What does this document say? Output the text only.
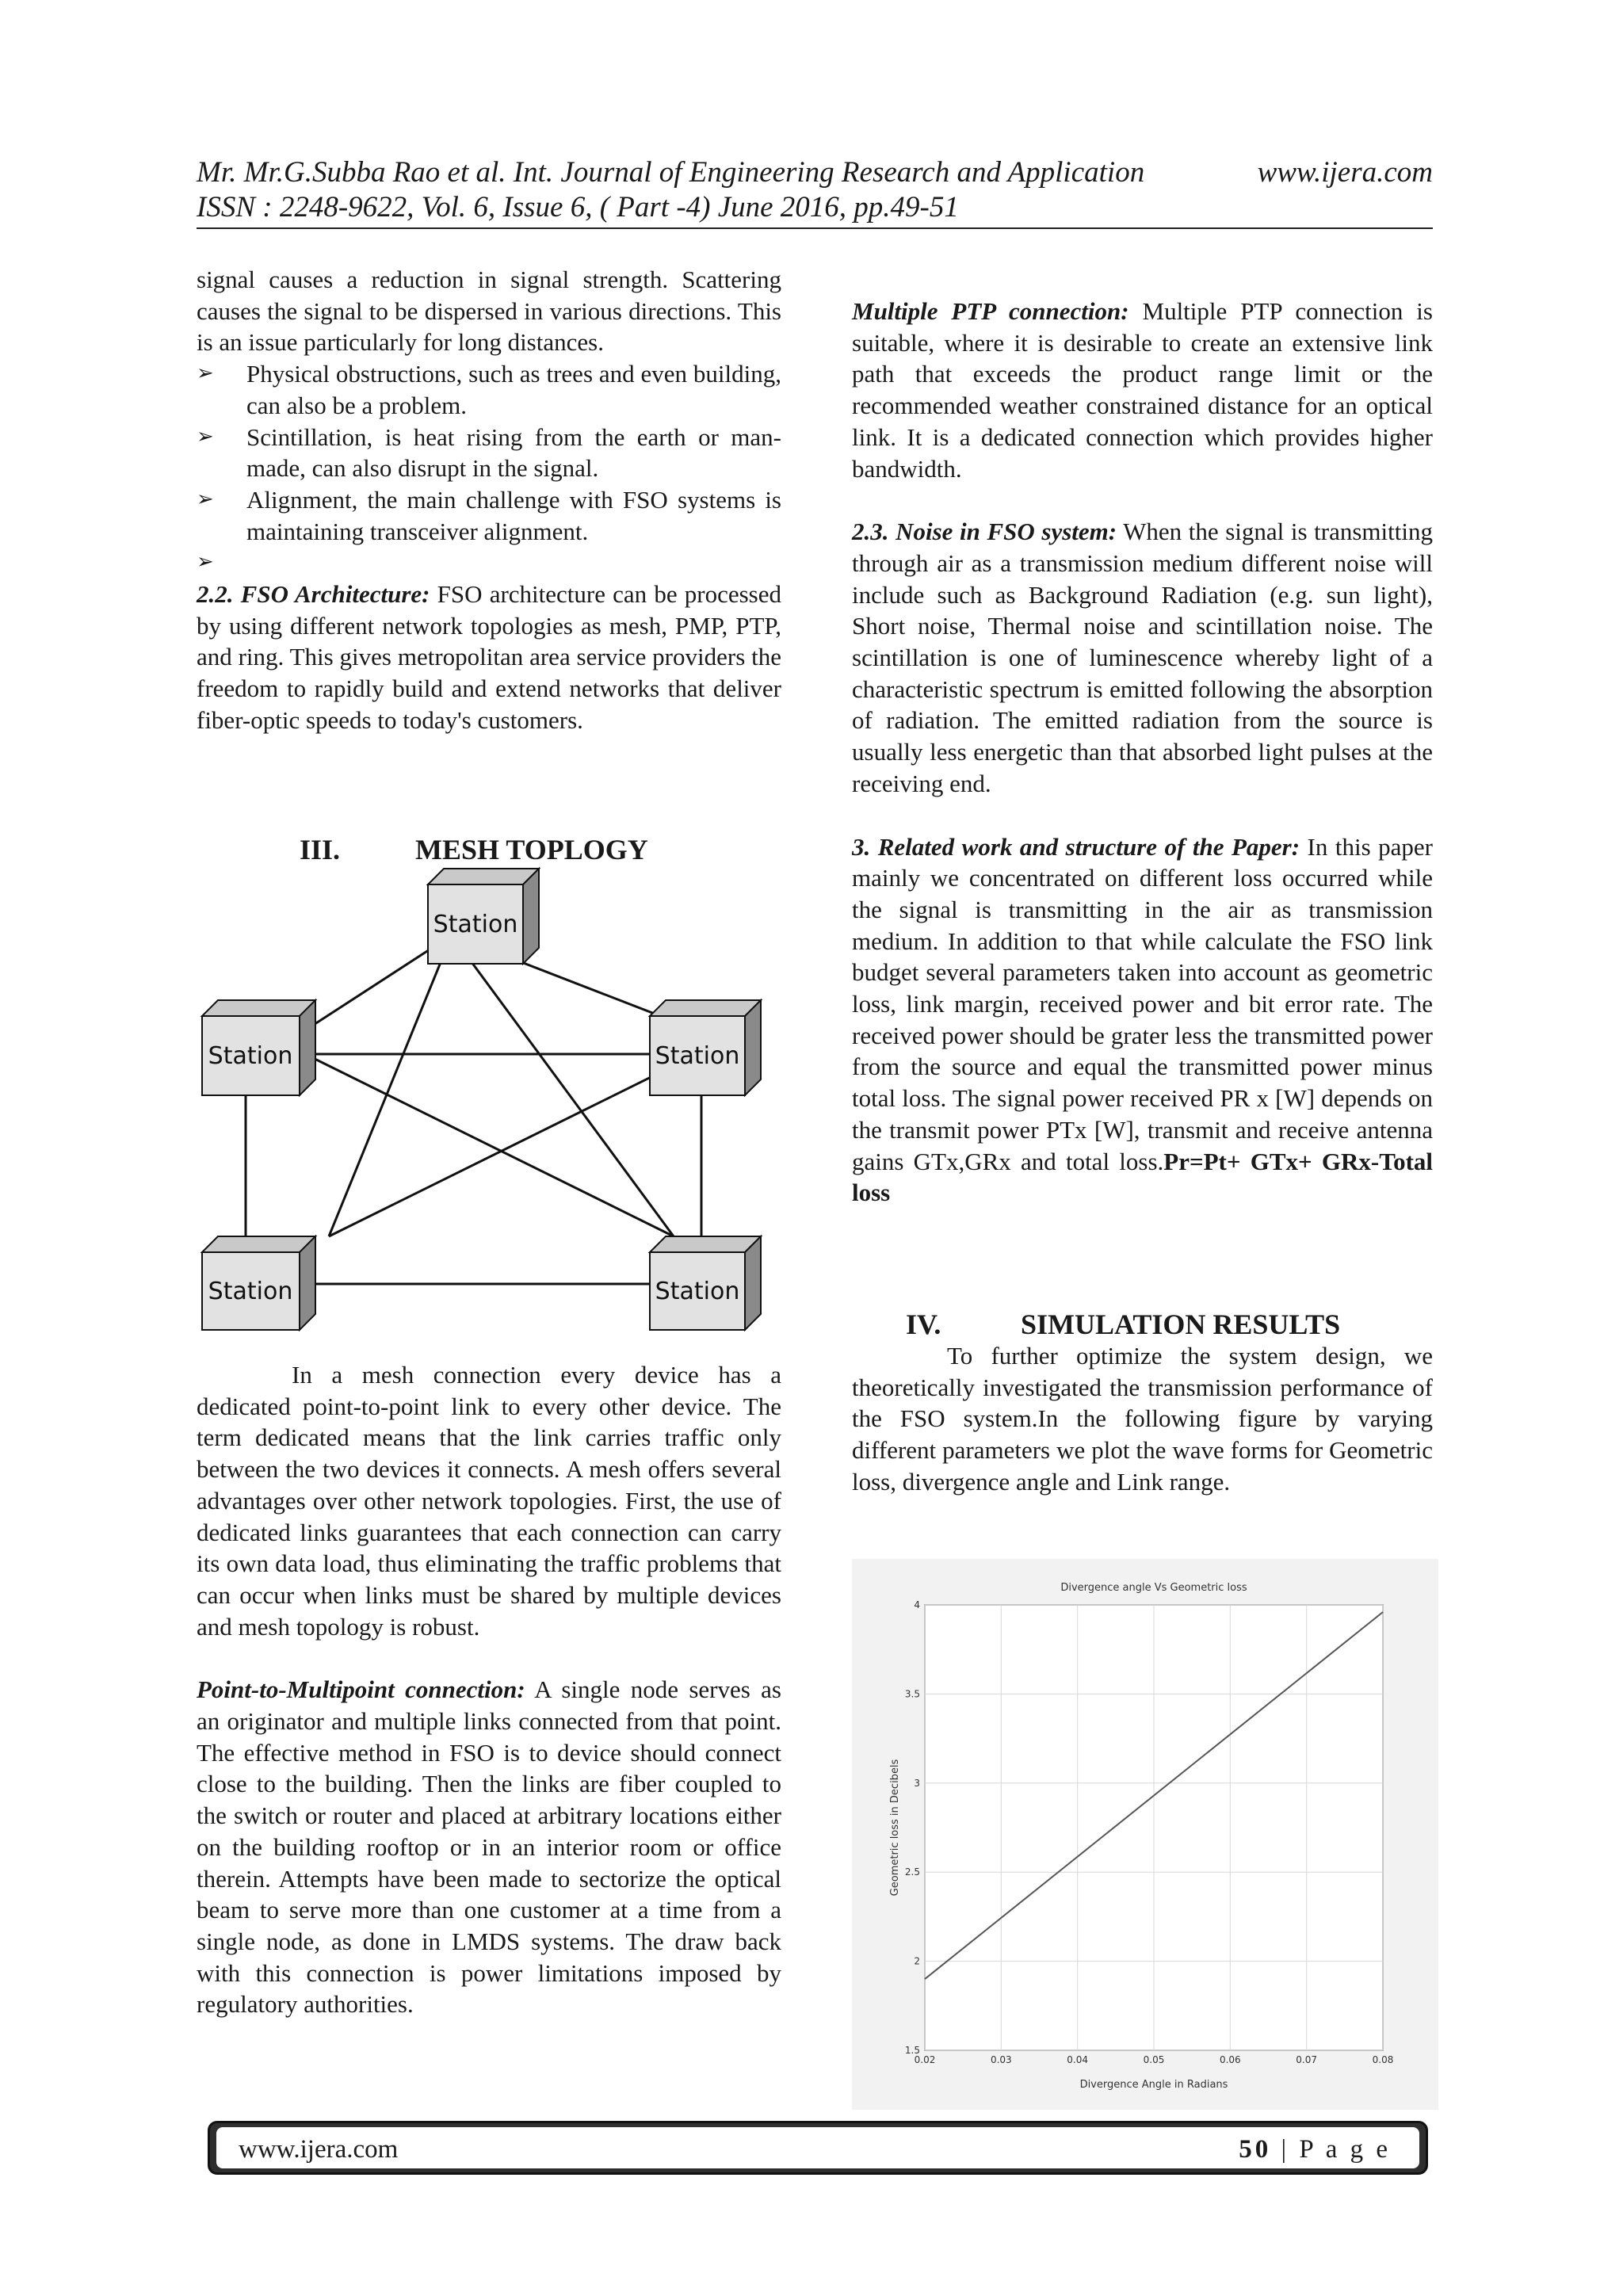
Mr. Mr.G.Subba Rao et al. Int. Journal of Engineering Research and Application	www.ijera.com
ISSN : 2248-9622, Vol. 6, Issue 6, ( Part -4) June 2016, pp.49-51

signal causes a reduction in signal strength. Scattering causes the signal to be dispersed in various directions. This is an issue particularly for long distances.

➢	Physical obstructions, such as trees and even building, can also be a problem.
➢	Scintillation, is heat rising from the earth or man-made, can also disrupt in the signal.
➢	Alignment, the main challenge with FSO systems is maintaining transceiver alignment.
➢

2.2. FSO Architecture: FSO architecture can be processed by using different network topologies as mesh, PMP, PTP, and ring. This gives metropolitan area service providers the freedom to rapidly build and extend networks that deliver fiber-optic speeds to today's customers.

III.	MESH TOPLOGY
Station
Station	Station
Station	Station

In a mesh connection every device has a dedicated point-to-point link to every other device. The term dedicated means that the link carries traffic only between the two devices it connects. A mesh offers several advantages over other network topologies. First, the use of dedicated links guarantees that each connection can carry its own data load, thus eliminating the traffic problems that can occur when links must be shared by multiple devices and mesh topology is robust.

Point-to-Multipoint connection: A single node serves as an originator and multiple links connected from that point. The effective method in FSO is to device should connect close to the building. Then the links are fiber coupled to the switch or router and placed at arbitrary locations either on the building rooftop or in an interior room or office therein. Attempts have been made to sectorize the optical beam to serve more than one customer at a time from a single node, as done in LMDS systems. The draw back with this connection is power limitations imposed by regulatory authorities.

Multiple PTP connection: Multiple PTP connection is suitable, where it is desirable to create an extensive link path that exceeds the product range limit or the recommended weather constrained distance for an optical link. It is a dedicated connection which provides higher bandwidth.

2.3. Noise in FSO system: When the signal is transmitting through air as a transmission medium different noise will include such as Background Radiation (e.g. sun light), Short noise, Thermal noise and scintillation noise. The scintillation is one of luminescence whereby light of a characteristic spectrum is emitted following the absorption of radiation. The emitted radiation from the source is usually less energetic than that absorbed light pulses at the receiving end.

3. Related work and structure of the Paper: In this paper mainly we concentrated on different loss occurred while the signal is transmitting in the air as transmission medium. In addition to that while calculate the FSO link budget several parameters taken into account as geometric loss, link margin, received power and bit error rate. The received power should be grater less the transmitted power from the source and equal the transmitted power minus total loss. The signal power received PR x [W] depends on the transmit power PTx [W], transmit and receive antenna gains GTx,GRx and total loss.Pr=Pt+ GTx+ GRx-Total loss

IV.	SIMULATION RESULTS

To further optimize the system design, we theoretically investigated the transmission performance of the FSO system.In the following figure by varying different parameters we plot the wave forms for Geometric loss, divergence angle and Link range.

Divergence angle Vs Geometric loss
Divergence Angle in Radians
Geometric loss in Decibels
0.02	0.03	0.04	0.05	0.06	0.07	0.08
1.5
2
2.5
3
3.5
4
www.ijera.com	50 | P a g e
